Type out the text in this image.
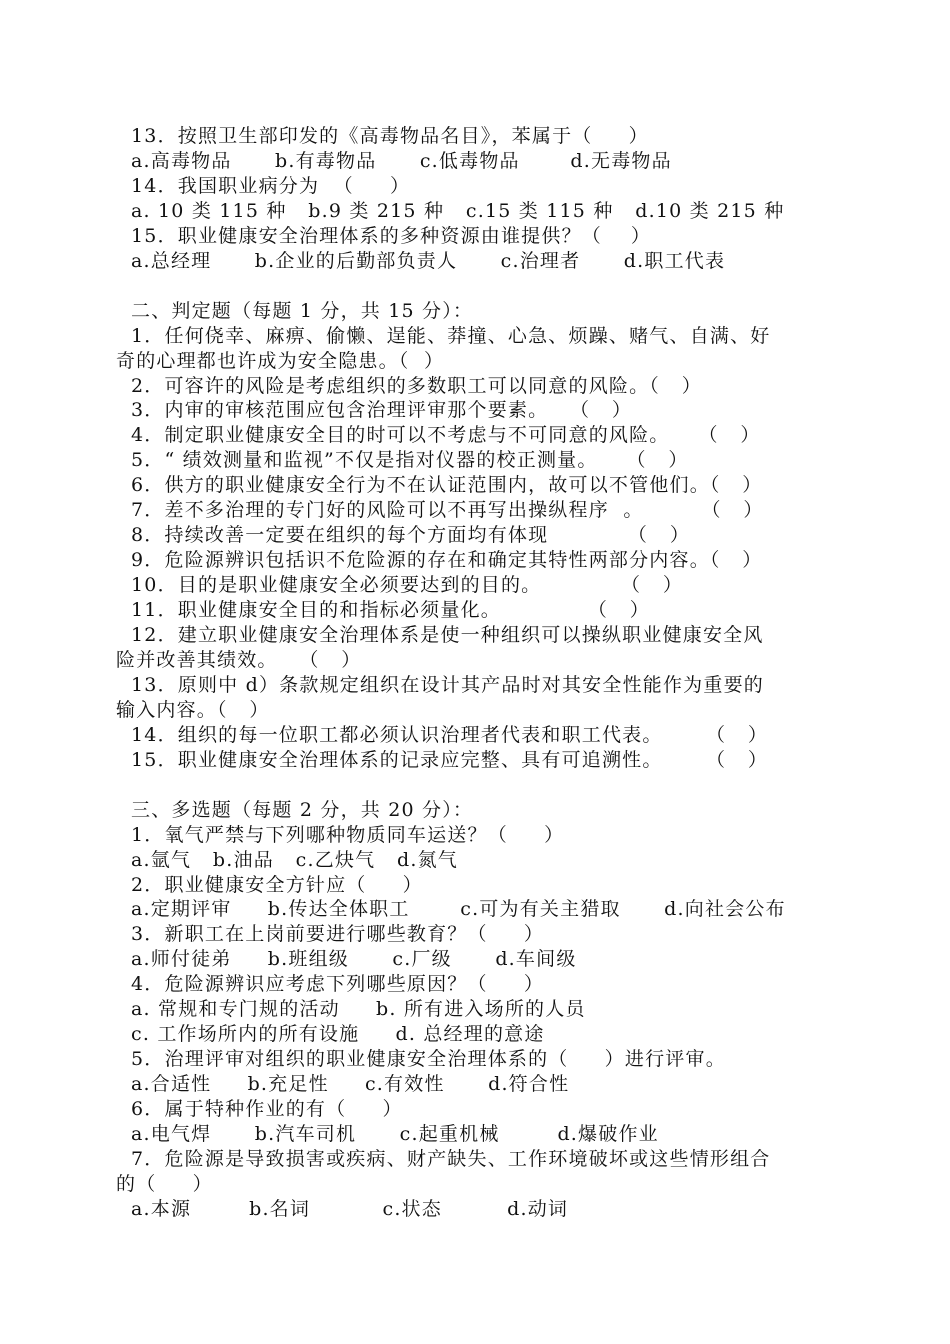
13．按照卫生部印发的《高毒物品名目》，苯属于（     ）
a.高毒物品      b.有毒物品      c.低毒物品       d.无毒物品
14．我国职业病分为  （     ）
a. 10 类 115 种   b.9 类 215 种   c.15 类 115 种   d.10 类 215 种
15．职业健康安全治理体系的多种资源由谁提供？（    ）
a.总经理      b.企业的后勤部负责人      c.治理者      d.职工代表
二、判定题（每题 1 分，共 15 分）：
1．任何侥幸、麻痹、偷懒、逞能、莽撞、心急、烦躁、赌气、自满、好
奇的心理都也许成为安全隐患。（  ）
2．可容许的风险是考虑组织的多数职工可以同意的风险。（   ）
3．内审的审核范围应包含治理评审那个要素。   （   ）
4．制定职业健康安全目的时可以不考虑与不可同意的风险。    （   ）
5．“ 绩效测量和监视”不仅是指对仪器的校正测量。    （   ）
6．供方的职业健康安全行为不在认证范围内，故可以不管他们。（   ）
7．差不多治理的专门好的风险可以不再写出操纵程序  。        （   ）
8．持续改善一定要在组织的每个方面均有体现           （   ）
9．危险源辨识包括识不危险源的存在和确定其特性两部分内容。（   ）
10．目的是职业健康安全必须要达到的目的。           （   ）
11．职业健康安全目的和指标必须量化。            （   ）
12．建立职业健康安全治理体系是使一种组织可以操纵职业健康安全风
险并改善其绩效。   （   ）
13．原则中 d）条款规定组织在设计其产品时对其安全性能作为重要的
输入内容。（   ）
14．组织的每一位职工都必须认识治理者代表和职工代表。      （   ）
15．职业健康安全治理体系的记录应完整、具有可追溯性。      （   ）
三、多选题（每题 2 分，共 20 分）：
1．氧气严禁与下列哪种物质同车运送？（     ）
a.氩气   b.油品   c.乙炔气   d.氮气
2．职业健康安全方针应（     ）
a.定期评审     b.传达全体职工       c.可为有关主猎取      d.向社会公布
3．新职工在上岗前要进行哪些教育？（     ）
a.师付徒弟     b.班组级      c.厂级      d.车间级
4．危险源辨识应考虑下列哪些原因？（     ）
a. 常规和专门规的活动     b. 所有进入场所的人员
c. 工作场所内的所有设施     d. 总经理的意途
5．治理评审对组织的职业健康安全治理体系的（     ）进行评审。
a.合适性     b.充足性     c.有效性      d.符合性
6．属于特种作业的有（     ）
a.电气焊      b.汽车司机      c.起重机械        d.爆破作业
7．危险源是导致损害或疾病、财产缺失、工作环境破坏或这些情形组合
的（     ）
a.本源        b.名词          c.状态         d.动词
